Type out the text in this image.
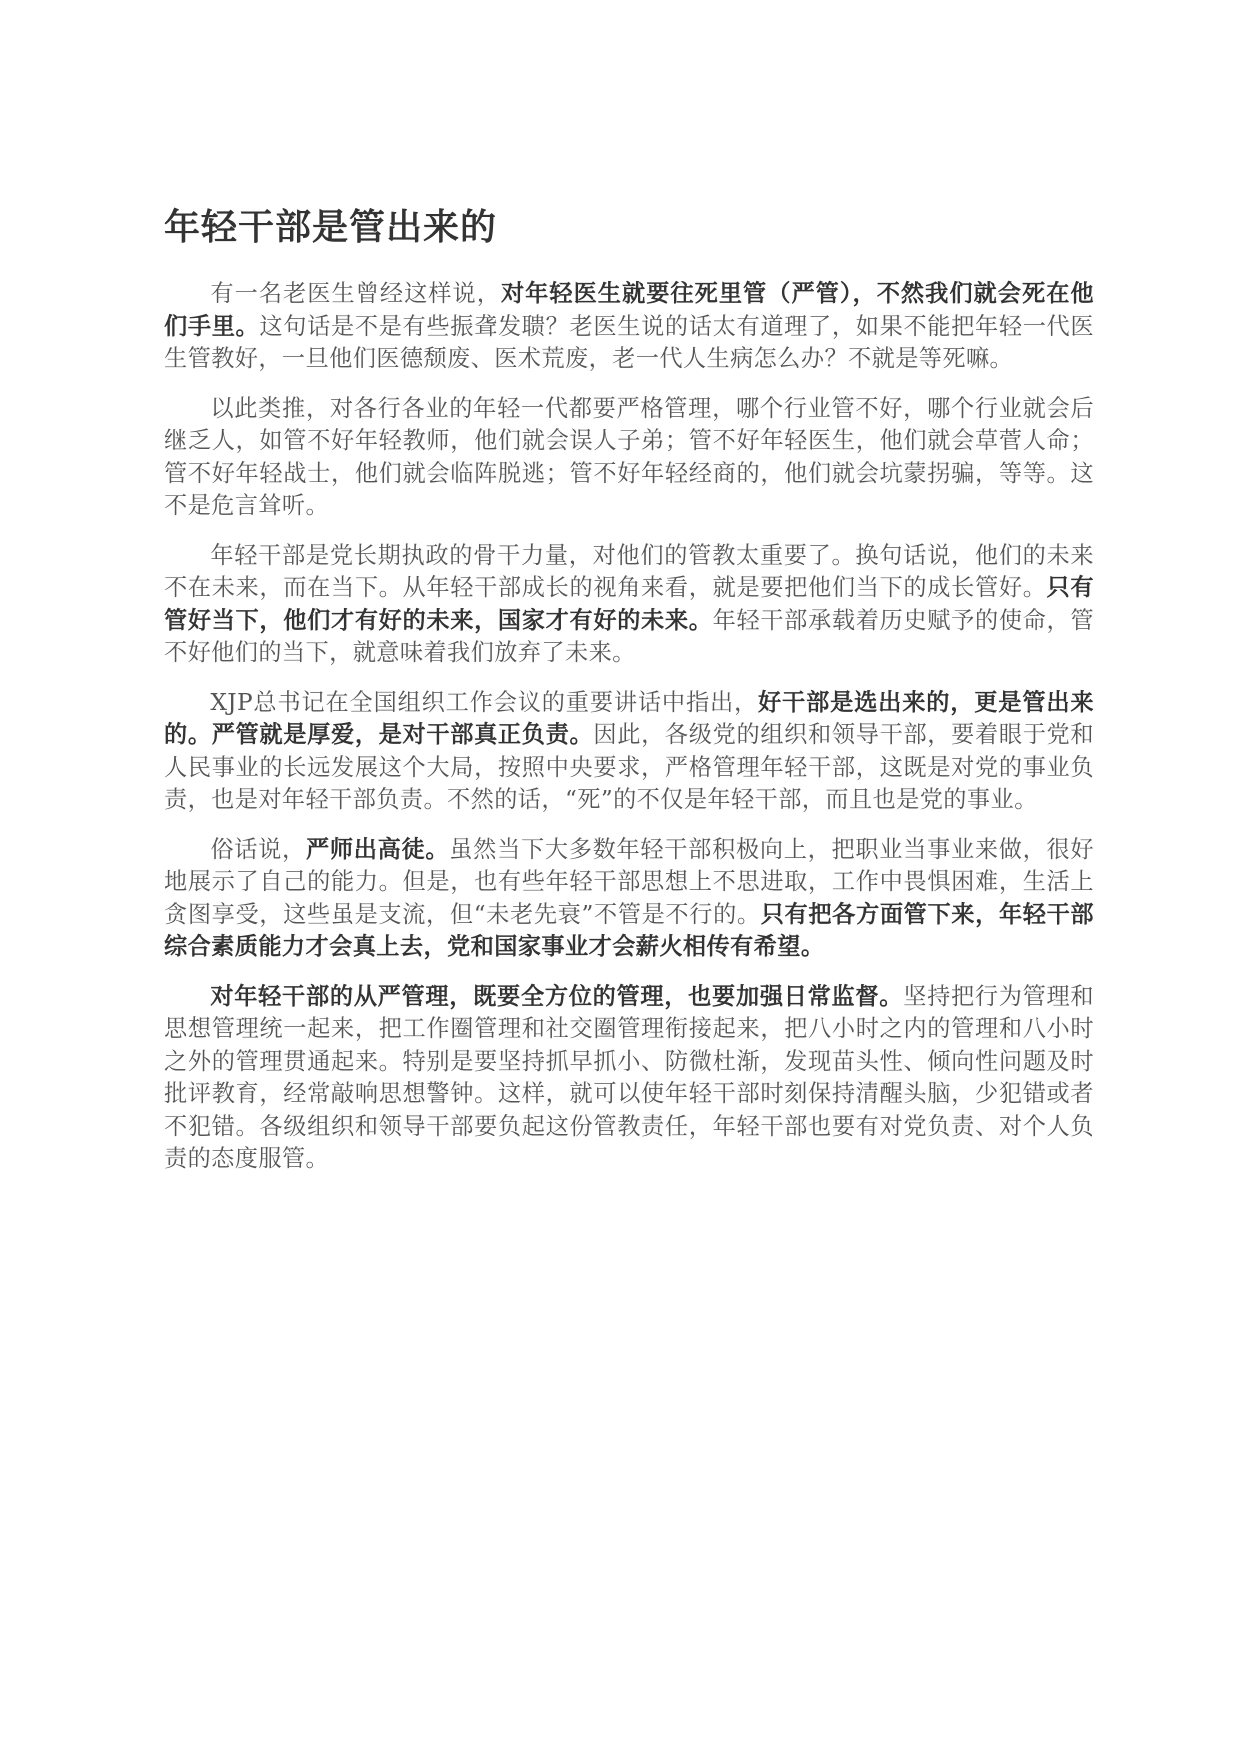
年轻干部是管出来的

有一名老医生曾经这样说，对年轻医生就要往死里管（严管），不然我们就会死在他们手里。这句话是不是有些振聋发聩？老医生说的话太有道理了，如果不能把年轻一代医生管教好，一旦他们医德颓废、医术荒废，老一代人生病怎么办？不就是等死嘛。

以此类推，对各行各业的年轻一代都要严格管理，哪个行业管不好，哪个行业就会后继乏人，如管不好年轻教师，他们就会误人子弟；管不好年轻医生，他们就会草菅人命；管不好年轻战士，他们就会临阵脱逃；管不好年轻经商的，他们就会坑蒙拐骗，等等。这不是危言耸听。

年轻干部是党长期执政的骨干力量，对他们的管教太重要了。换句话说，他们的未来不在未来，而在当下。从年轻干部成长的视角来看，就是要把他们当下的成长管好。只有管好当下，他们才有好的未来，国家才有好的未来。年轻干部承载着历史赋予的使命，管不好他们的当下，就意味着我们放弃了未来。

XJP总书记在全国组织工作会议的重要讲话中指出，好干部是选出来的，更是管出来的。严管就是厚爱，是对干部真正负责。因此，各级党的组织和领导干部，要着眼于党和人民事业的长远发展这个大局，按照中央要求，严格管理年轻干部，这既是对党的事业负责，也是对年轻干部负责。不然的话，“死”的不仅是年轻干部，而且也是党的事业。

俗话说，严师出高徒。虽然当下大多数年轻干部积极向上，把职业当事业来做，很好地展示了自己的能力。但是，也有些年轻干部思想上不思进取，工作中畏惧困难，生活上贪图享受，这些虽是支流，但“未老先衰”不管是不行的。只有把各方面管下来，年轻干部综合素质能力才会真上去，党和国家事业才会薪火相传有希望。

对年轻干部的从严管理，既要全方位的管理，也要加强日常监督。坚持把行为管理和思想管理统一起来，把工作圈管理和社交圈管理衔接起来，把八小时之内的管理和八小时之外的管理贯通起来。特别是要坚持抓早抓小、防微杜渐，发现苗头性、倾向性问题及时批评教育，经常敲响思想警钟。这样，就可以使年轻干部时刻保持清醒头脑，少犯错或者不犯错。各级组织和领导干部要负起这份管教责任，年轻干部也要有对党负责、对个人负责的态度服管。
